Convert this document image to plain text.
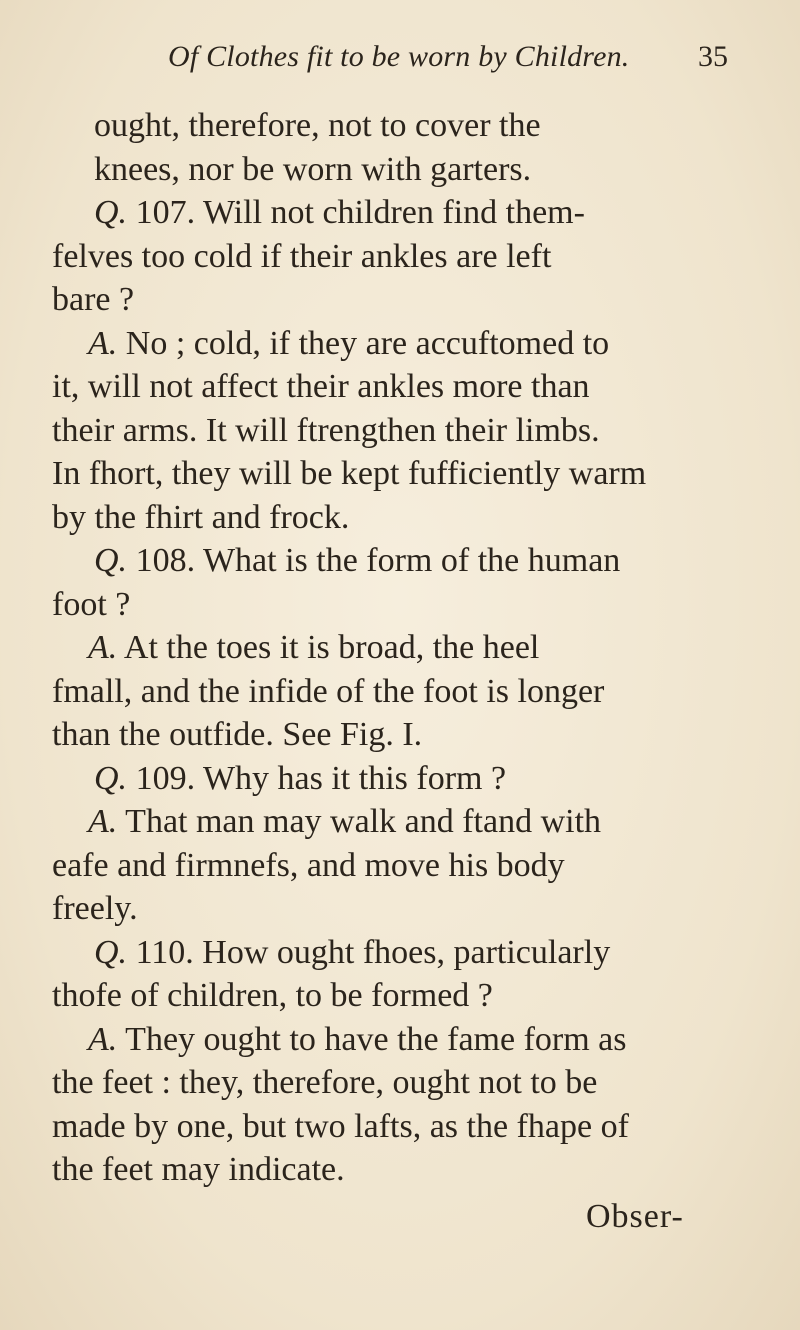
Of Clothes fit to be worn by Children. 35
ought, therefore, not to cover the
knees, nor be worn with garters.
Q. 107. Will not children find them-
felves too cold if their ankles are left
bare ?
A. No ; cold, if they are accuftomed to
it, will not affect their ankles more than
their arms. It will ftrengthen their limbs.
In fhort, they will be kept fufficiently warm
by the fhirt and frock.
Q. 108. What is the form of the human
foot ?
A. At the toes it is broad, the heel
fmall, and the infide of the foot is longer
than the outfide. See Fig. I.
Q. 109. Why has it this form ?
A. That man may walk and ftand with
eafe and firmnefs, and move his body
freely.
Q. 110. How ought fhoes, particularly
thofe of children, to be formed ?
A. They ought to have the fame form as
the feet : they, therefore, ought not to be
made by one, but two lafts, as the fhape of
the feet may indicate.
Obser-
